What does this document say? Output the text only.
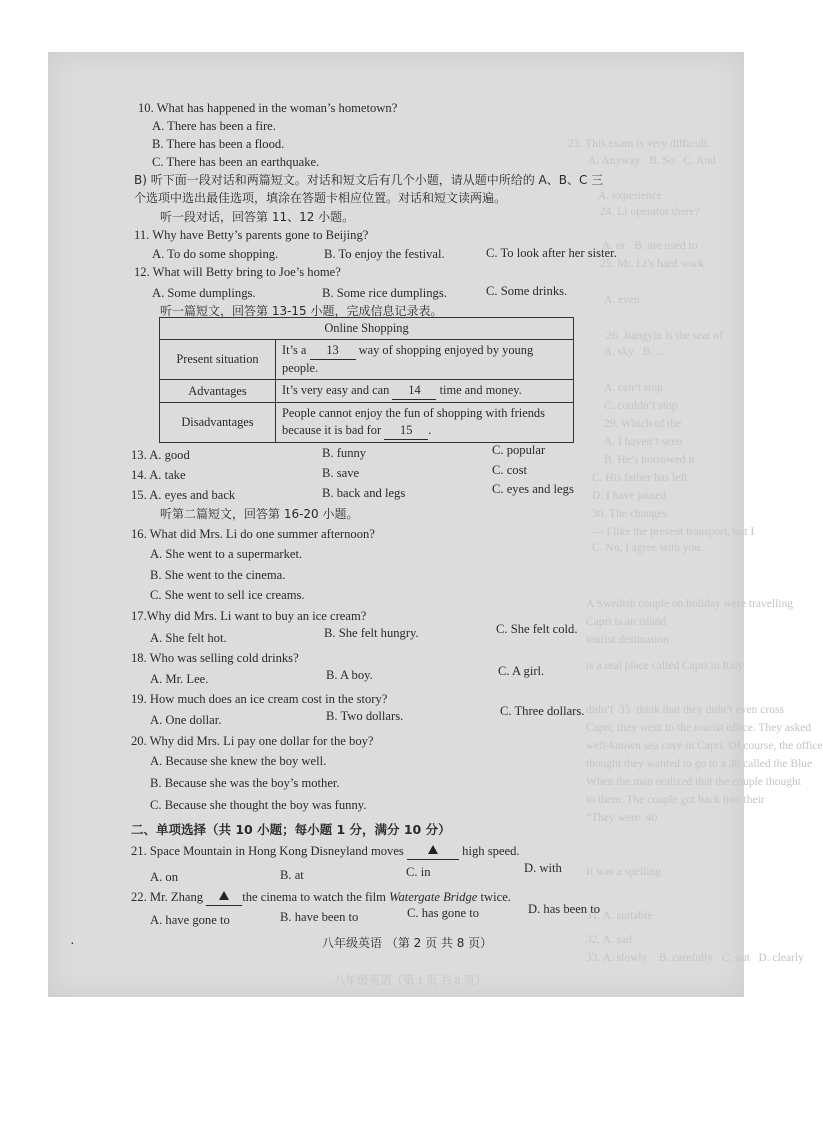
23. This exam is very difficult.
A. Anyway   B. So   C. And
A. experience
24. Li operator there?
A. or   B. are used to
25. Mr. Li’s hard work
A. even
26. Jiangyin is the seat of
A. sky   B. ...
A. can’t stop
C. couldn’t stop
29. Which of the
A. I haven’t seen
B. He’s borrowed it
C. His father has left
D. I have joined
30. The changes
— I like the present transport, but I
C. No, I agree with you.
A Swedish couple on holiday were travelling
Capri is an island
tourist destination
is a real place called Capri in Italy
didn’t  35  think that they didn’t even cross
Capri, they went to the tourist office. They asked
well-known sea cave in Capri. Of course, the office
thought they wanted to go to a 38 called the Blue
When the man realized that the couple thought
to them. The couple got back into their
“They were  40
It was a spelling
31. A. suitable
32. A. sad
33. A. slowly    B. carefully   C. out   D. clearly
八年级英语（第 1 页 共 8 页）
10. What has happened in the woman’s hometown?
A. There has been a fire.
B. There has been a flood.
C. There has been an earthquake.
B) 听下面一段对话和两篇短文。对话和短文后有几个小题，请从题中所给的 A、B、C 三
个选项中选出最佳选项，填涂在答题卡相应位置。对话和短文读两遍。
听一段对话，回答第 11、12 小题。
11. Why have Betty’s parents gone to Beijing?
A. To do some shopping.	B. To enjoy the festival.	C. To look after her sister.
12. What will Betty bring to Joe’s home?
A. Some dumplings.	B. Some rice dumplings.	C. Some drinks.
听一篇短文，回答第 13-15 小题，完成信息记录表。
Online Shopping	
Present situation	It’s a 13 way of shopping enjoyed by young people.
Advantages	It’s very easy and can 14 time and money.
Disadvantages	People cannot enjoy the fun of shopping with friends because it is bad for 15 .
13. A. good	B. funny	C. popular
14. A. take	B. save	C. cost
15. A. eyes and back	B. back and legs	C. eyes and legs
听第二篇短文，回答第 16-20 小题。
16. What did Mrs. Li do one summer afternoon?
A. She went to a supermarket.
B. She went to the cinema.
C. She went to sell ice creams.
17.Why did Mrs. Li want to buy an ice cream?
A. She felt hot.	B. She felt hungry.	C. She felt cold.
18. Who was selling cold drinks?
A. Mr. Lee.	B. A boy.	C. A girl.
19. How much does an ice cream cost in the story?
A. One dollar.	B. Two dollars.	C. Three dollars.
20. Why did Mrs. Li pay one dollar for the boy?
A. Because she knew the boy well.
B. Because she was the boy’s mother.
C. Because she thought the boy was funny.
二、单项选择（共 10 小题；每小题 1 分，满分 10 分）
21. Space Mountain in Hong Kong Disneyland moves	high speed.
A. on	B. at	C. in	D. with
22. Mr. Zhang	the cinema to watch the film Watergate Bridge twice.
A. have gone to	B. have been to	C. has gone to	D. has been to
八年级英语 （第 2 页 共 8 页）
·
